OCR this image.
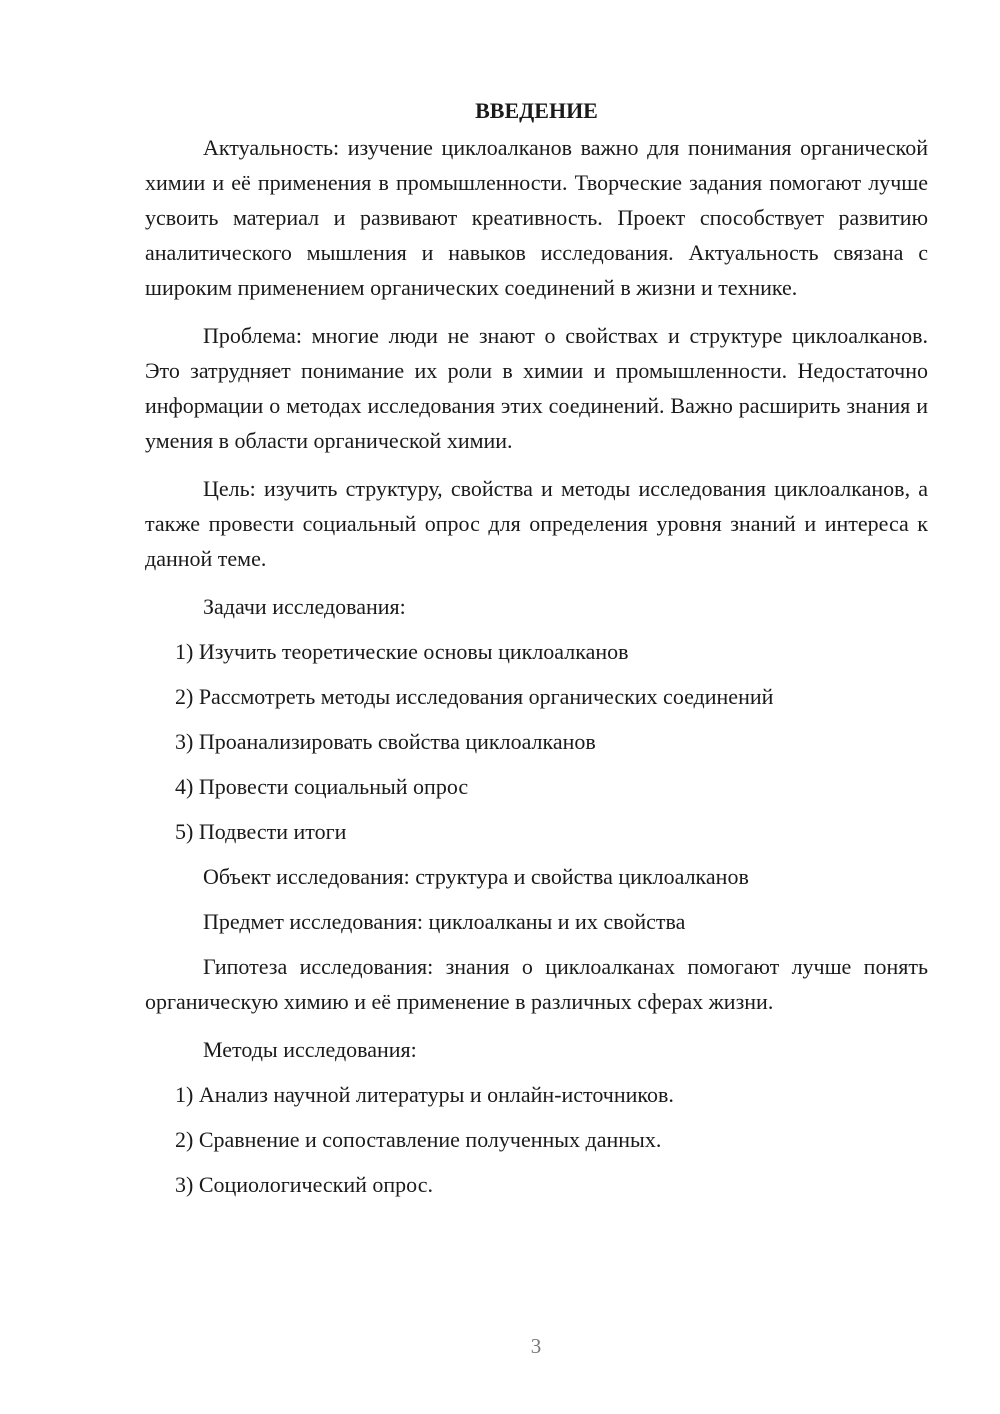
ВВЕДЕНИЕ

Актуальность: изучение циклоалканов важно для понимания органической химии и её применения в промышленности. Творческие задания помогают лучше усвоить материал и развивают креативность. Проект способствует развитию аналитического мышления и навыков исследования. Актуальность связана с широким применением органических соединений в жизни и технике.

Проблема: многие люди не знают о свойствах и структуре циклоалканов. Это затрудняет понимание их роли в химии и промышленности. Недостаточно информации о методах исследования этих соединений. Важно расширить знания и умения в области органической химии.

Цель: изучить структуру, свойства и методы исследования циклоалканов, а также провести социальный опрос для определения уровня знаний и интереса к данной теме.

Задачи исследования:
1) Изучить теоретические основы циклоалканов
2) Рассмотреть методы исследования органических соединений
3) Проанализировать свойства циклоалканов
4) Провести социальный опрос
5) Подвести итоги
Объект исследования: структура и свойства циклоалканов
Предмет исследования: циклоалканы и их свойства

Гипотеза исследования: знания о циклоалканах помогают лучше понять органическую химию и её применение в различных сферах жизни.

Методы исследования:
1) Анализ научной литературы и онлайн-источников.
2) Сравнение и сопоставление полученных данных.
3) Социологический опрос.
3
